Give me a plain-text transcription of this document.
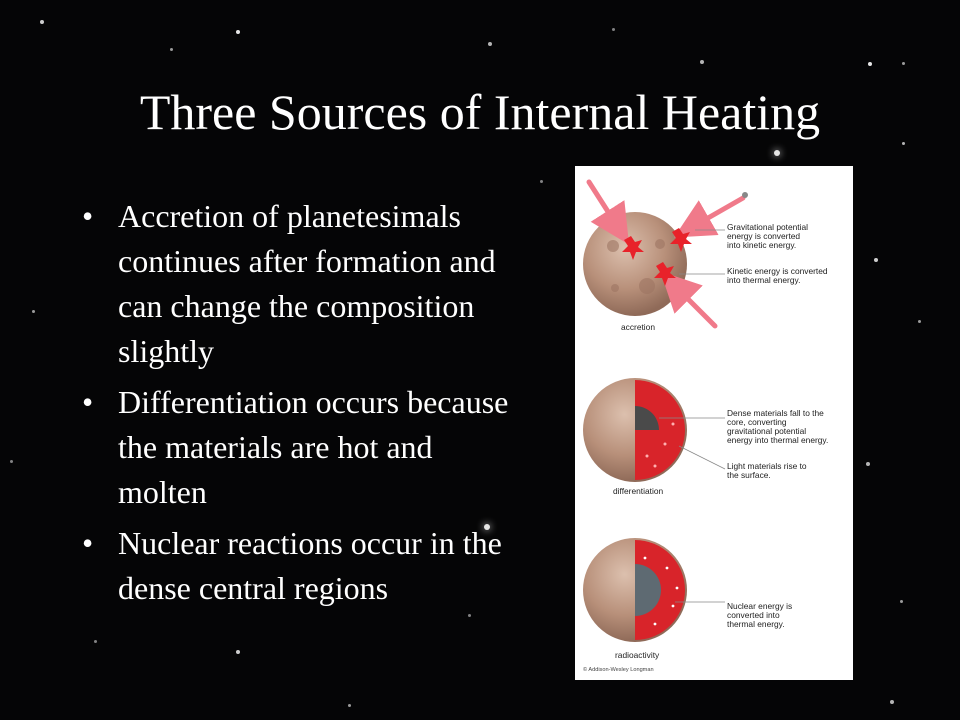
Three Sources of Internal Heating
• Accretion of planetesimals continues after formation and can change the composition slightly
• Differentiation occurs because the materials are hot and molten
• Nuclear reactions occur in the dense central regions
Gravitational potential
energy is converted
into kinetic energy.
Kinetic energy is converted
into thermal energy.
accretion
Dense materials fall to the
core, converting
gravitational potential
energy into thermal energy.
Light materials rise to
the surface.
differentiation
Nuclear energy is
converted into
thermal energy.
radioactivity
© Addison-Wesley Longman
